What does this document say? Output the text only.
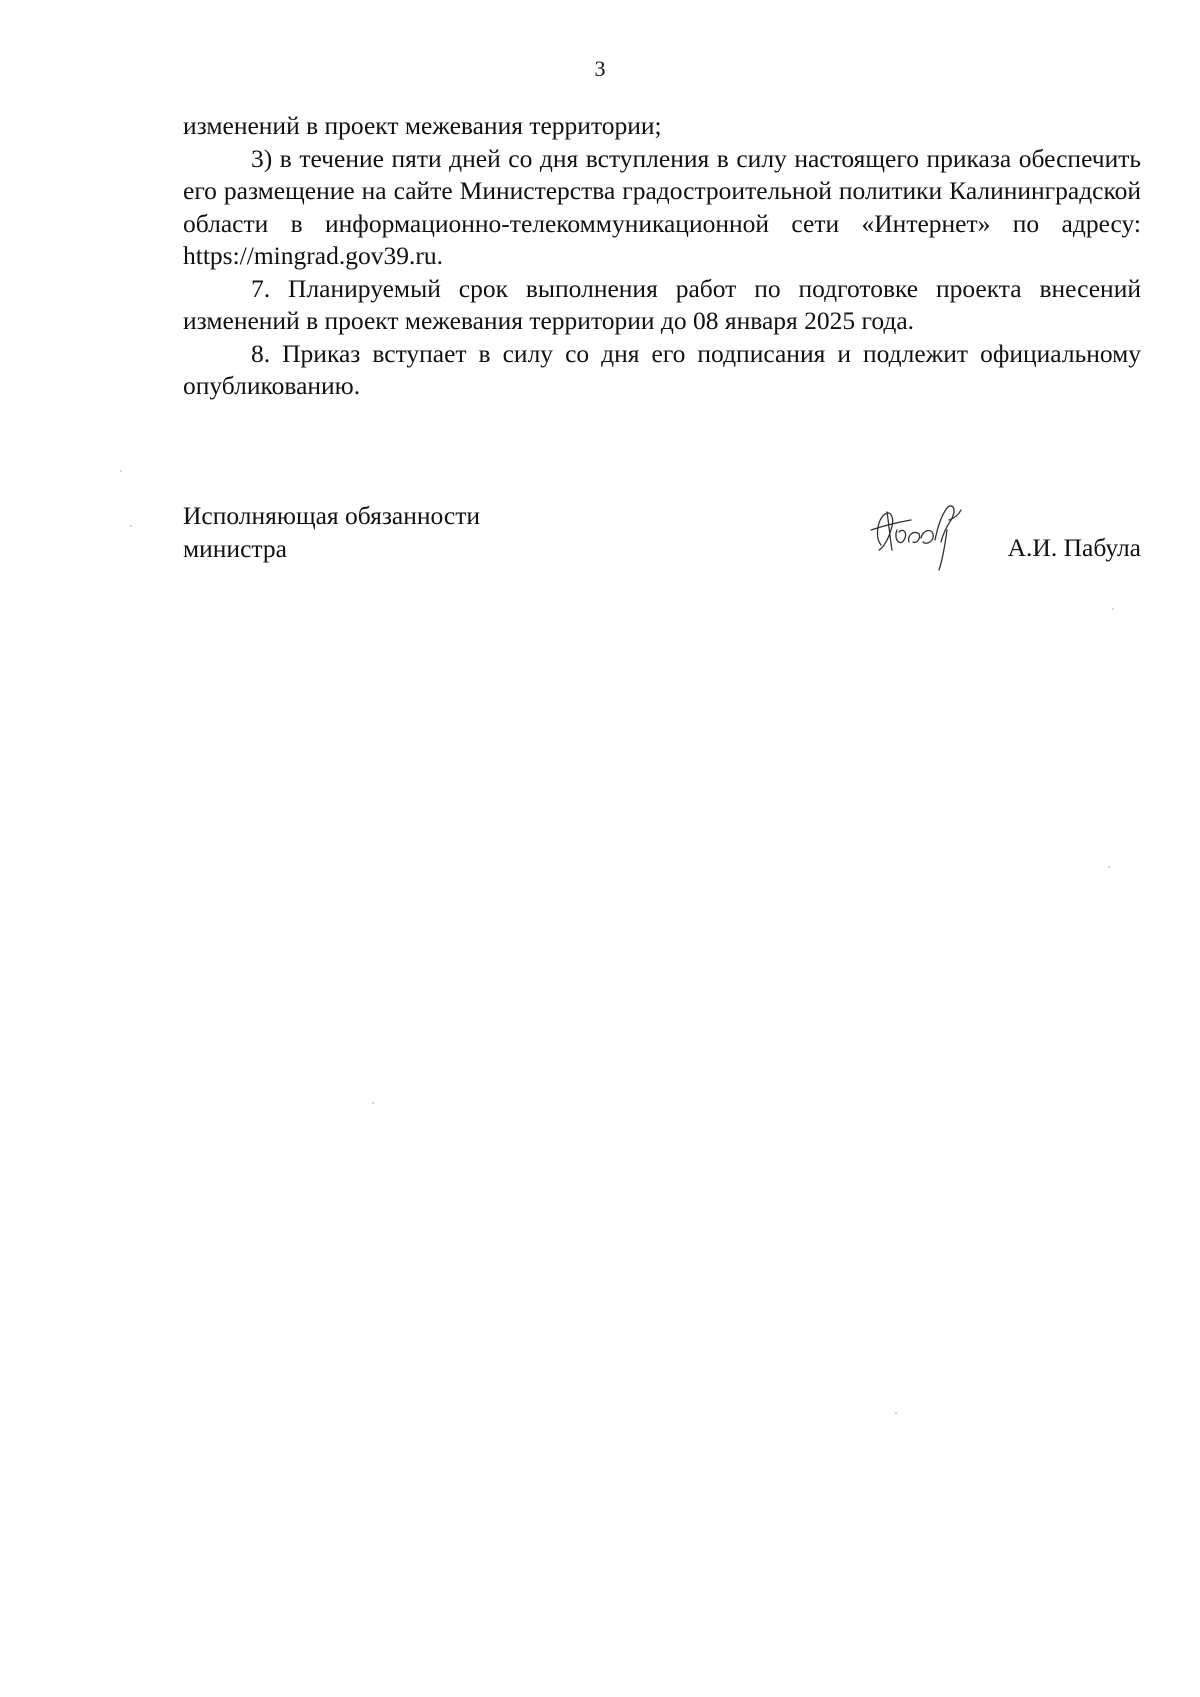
3

изменений в проект межевания территории;

3) в течение пяти дней со дня вступления в силу настоящего приказа обеспечить его размещение на сайте Министерства градостроительной политики Калининградской области в информационно-телекоммуникационной сети «Интернет» по адресу: https://mingrad.gov39.ru.

7. Планируемый срок выполнения работ по подготовке проекта внесений изменений в проект межевания территории до 08 января 2025 года.

8. Приказ вступает в силу со дня его подписания и подлежит официальному опубликованию.

Исполняющая обязанности
министра	А.И. Пабула
